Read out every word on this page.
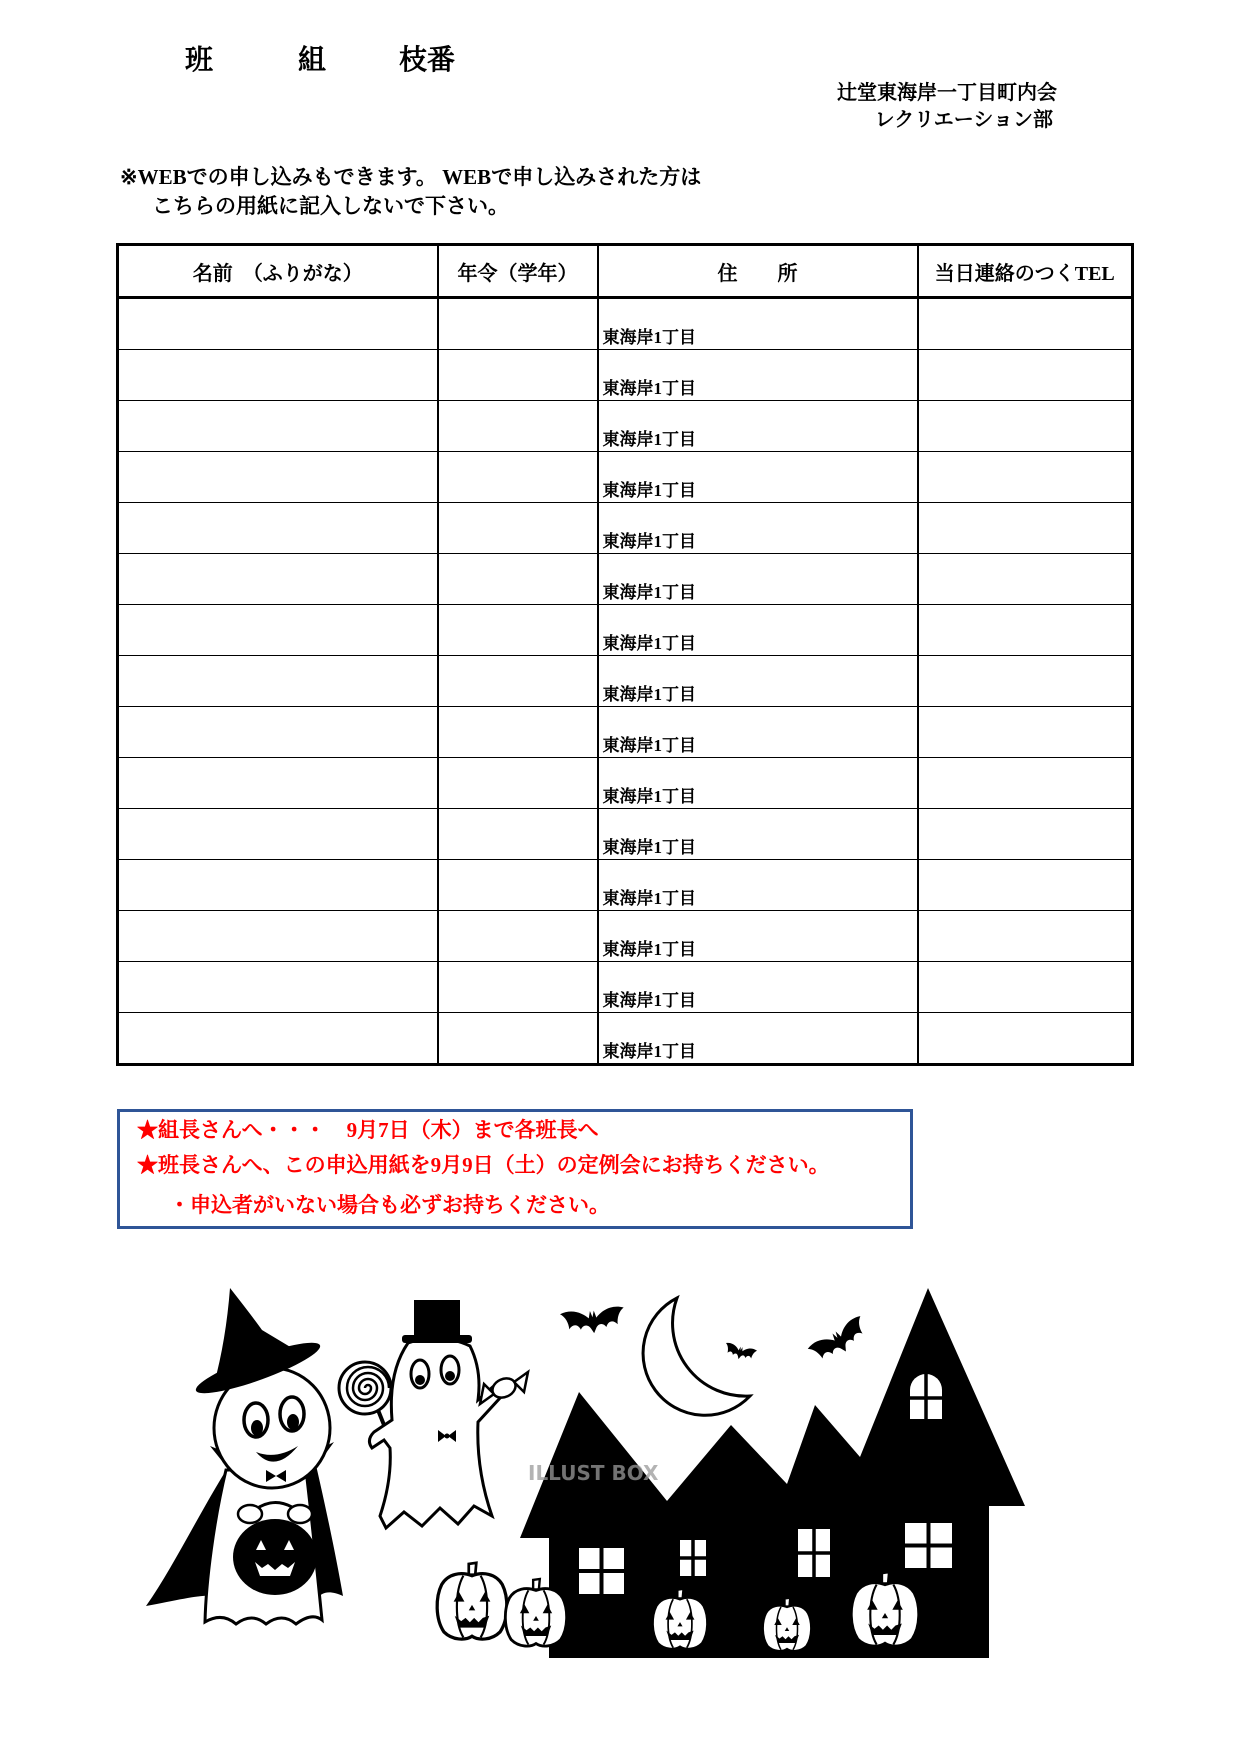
班	組	枝番
辻堂東海岸一丁目町内会
レクリエーション部
※WEBでの申し込みもできます。 WEBで申し込みされた方は
こちらの用紙に記入しないで下さい。
名前　（ふりがな）	年令（学年）	住　　所	当日連絡のつくTEL
		東海岸1丁目	
		東海岸1丁目	
		東海岸1丁目	
		東海岸1丁目	
		東海岸1丁目	
		東海岸1丁目	
		東海岸1丁目	
		東海岸1丁目	
		東海岸1丁目	
		東海岸1丁目	
		東海岸1丁目	
		東海岸1丁目	
		東海岸1丁目	
		東海岸1丁目	
		東海岸1丁目	
★組長さんへ・・・　9月7日（木）まで各班長へ
★班長さんへ、この申込用紙を9月9日（土）の定例会にお持ちください。
・申込者がいない場合も必ずお持ちください。
ILLUST BOX
